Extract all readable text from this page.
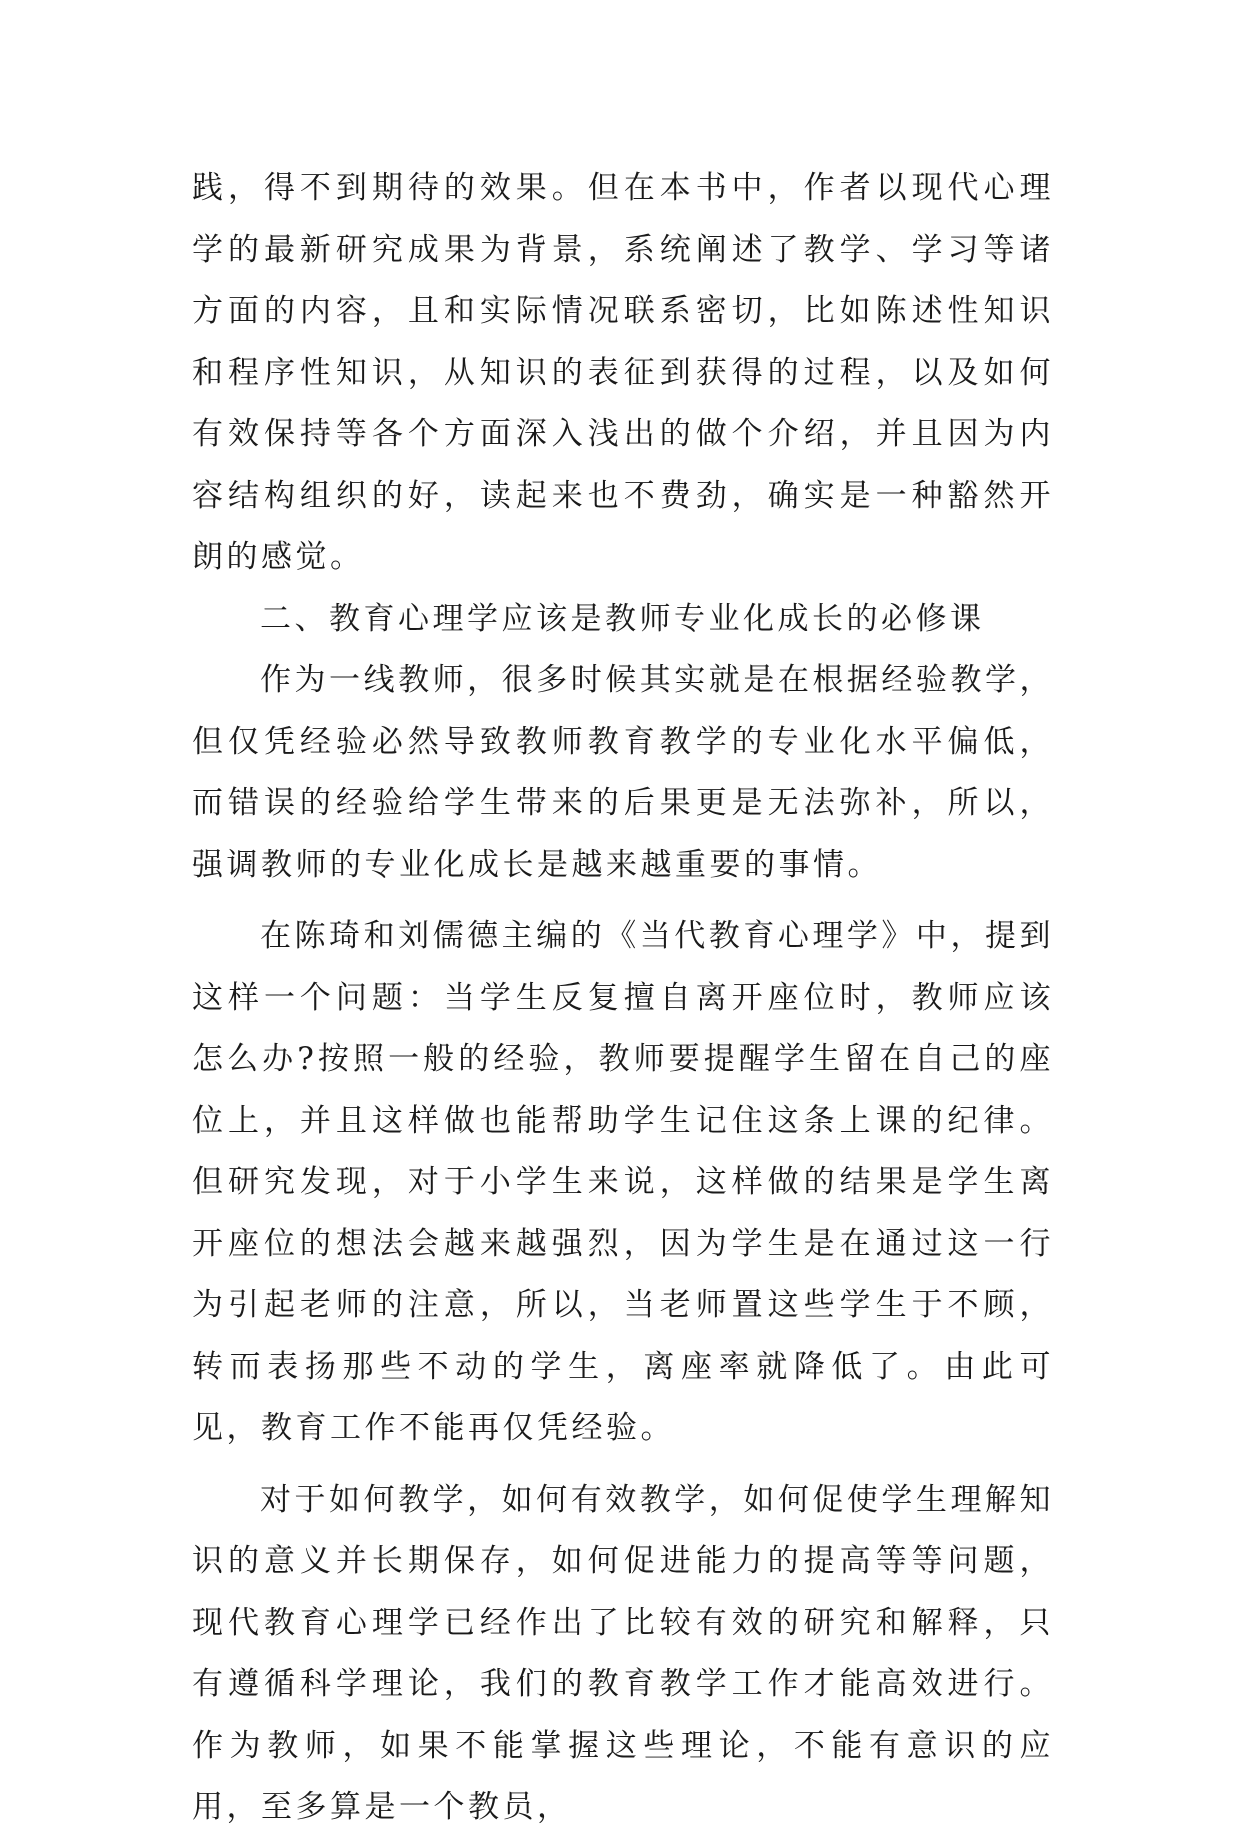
践，得不到期待的效果。但在本书中，作者以现代心理学的最新研究成果为背景，系统阐述了教学、学习等诸方面的内容，且和实际情况联系密切，比如陈述性知识和程序性知识，从知识的表征到获得的过程，以及如何有效保持等各个方面深入浅出的做个介绍，并且因为内容结构组织的好，读起来也不费劲，确实是一种豁然开朗的感觉。

二、教育心理学应该是教师专业化成长的必修课

作为一线教师，很多时候其实就是在根据经验教学，但仅凭经验必然导致教师教育教学的专业化水平偏低，而错误的经验给学生带来的后果更是无法弥补，所以，强调教师的专业化成长是越来越重要的事情。

在陈琦和刘儒德主编的《当代教育心理学》中，提到这样一个问题：当学生反复擅自离开座位时，教师应该怎么办?按照一般的经验，教师要提醒学生留在自己的座位上，并且这样做也能帮助学生记住这条上课的纪律。但研究发现，对于小学生来说，这样做的结果是学生离开座位的想法会越来越强烈，因为学生是在通过这一行为引起老师的注意，所以，当老师置这些学生于不顾，转而表扬那些不动的学生，离座率就降低了。由此可见，教育工作不能再仅凭经验。

对于如何教学，如何有效教学，如何促使学生理解知识的意义并长期保存，如何促进能力的提高等等问题，现代教育心理学已经作出了比较有效的研究和解释，只有遵循科学理论，我们的教育教学工作才能高效进行。作为教师，如果不能掌握这些理论，不能有意识的应用，至多算是一个教员，
